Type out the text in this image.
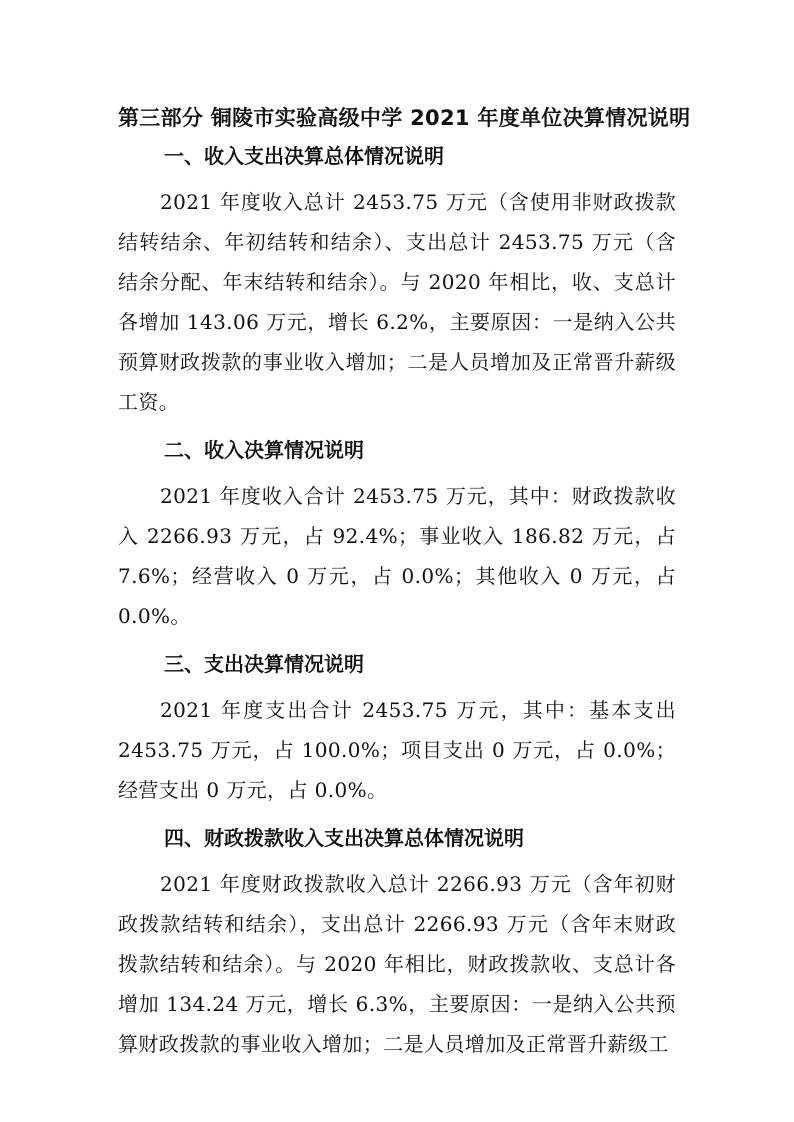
第三部分 铜陵市实验高级中学 2021 年度单位决算情况说明
一、收入支出决算总体情况说明

2021 年度收入总计 2453.75 万元（含使用非财政拨款结转结余、年初结转和结余）、支出总计 2453.75 万元（含结余分配、年末结转和结余）。与 2020 年相比，收、支总计各增加 143.06 万元，增长 6.2%，主要原因：一是纳入公共预算财政拨款的事业收入增加；二是人员增加及正常晋升薪级工资。

二、收入决算情况说明

2021 年度收入合计 2453.75 万元，其中：财政拨款收入 2266.93 万元，占 92.4%；事业收入 186.82 万元，占 7.6%；经营收入 0 万元，占 0.0%；其他收入 0 万元，占 0.0%。

三、支出决算情况说明

2021 年度支出合计 2453.75 万元，其中：基本支出 2453.75 万元，占 100.0%；项目支出 0 万元，占 0.0%；经营支出 0 万元，占 0.0%。

四、财政拨款收入支出决算总体情况说明

2021 年度财政拨款收入总计 2266.93 万元（含年初财政拨款结转和结余），支出总计 2266.93 万元（含年末财政拨款结转和结余）。与 2020 年相比，财政拨款收、支总计各增加 134.24 万元，增长 6.3%，主要原因：一是纳入公共预算财政拨款的事业收入增加；二是人员增加及正常晋升薪级工
